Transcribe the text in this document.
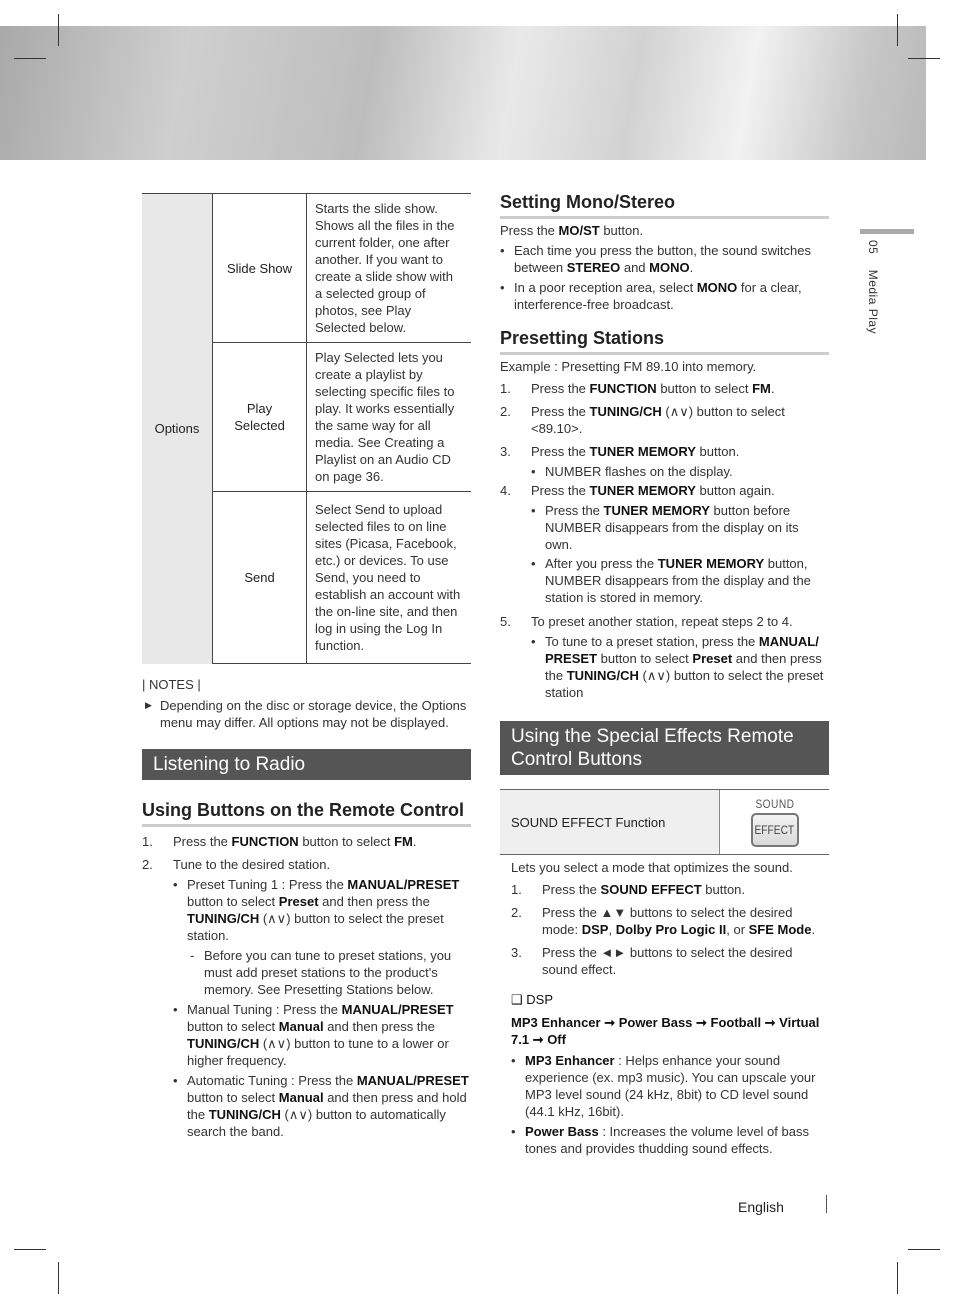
05    Media Play
Options	Slide Show	Starts the slide show. Shows all the files in the current folder, one after another. If you want to create a slide show with a selected group of photos, see Play Selected below.
	Play Selected	Play Selected lets you create a playlist by selecting specific files to play. It works essentially the same way for all media. See Creating a Playlist on an Audio CD on page 36.
	Send	Select Send to upload selected files to on line sites (Picasa, Facebook, etc.) or devices. To use Send, you need to establish an account with the on-line site, and then log in using the Log In function.
| NOTES |
▶ Depending on the disc or storage device, the Options menu may differ. All options may not be displayed.
Listening to Radio
Using Buttons on the Remote Control
1. Press the FUNCTION button to select FM.
2. Tune to the desired station.
• Preset Tuning 1 : Press the MANUAL/PRESET button to select Preset and then press the TUNING/CH (∧∨) button to select the preset station.
- Before you can tune to preset stations, you must add preset stations to the product's memory. See Presetting Stations below.
• Manual Tuning : Press the MANUAL/PRESET button to select Manual and then press the TUNING/CH (∧∨) button to tune to a lower or higher frequency.
• Automatic Tuning : Press the MANUAL/PRESET button to select Manual and then press and hold the TUNING/CH (∧∨) button to automatically search the band.
Setting Mono/Stereo
Press the MO/ST button.
• Each time you press the button, the sound switches between STEREO and MONO.
• In a poor reception area, select MONO for a clear, interference-free broadcast.
Presetting Stations
Example : Presetting FM 89.10 into memory.
1. Press the FUNCTION button to select FM.
2. Press the TUNING/CH (∧∨) button to select <89.10>.
3. Press the TUNER MEMORY button.
• NUMBER flashes on the display.
4. Press the TUNER MEMORY button again.
• Press the TUNER MEMORY button before NUMBER disappears from the display on its own.
• After you press the TUNER MEMORY button, NUMBER disappears from the display and the station is stored in memory.
5. To preset another station, repeat steps 2 to 4.
• To tune to a preset station, press the MANUAL/ PRESET button to select Preset and then press the TUNING/CH (∧∨) button to select the preset station
Using the Special Effects Remote Control Buttons
SOUND EFFECT Function
SOUND
EFFECT
Lets you select a mode that optimizes the sound.
1. Press the SOUND EFFECT button.
2. Press the ▲▼ buttons to select the desired mode: DSP, Dolby Pro Logic II, or SFE Mode.
3. Press the ◄► buttons to select the desired sound effect.
❑ DSP
MP3 Enhancer ➞ Power Bass ➞ Football ➞ Virtual 7.1 ➞ Off
• MP3 Enhancer : Helps enhance your sound experience (ex. mp3 music). You can upscale your MP3 level sound (24 kHz, 8bit) to CD level sound (44.1 kHz, 16bit).
• Power Bass : Increases the volume level of bass tones and provides thudding sound effects.
English
